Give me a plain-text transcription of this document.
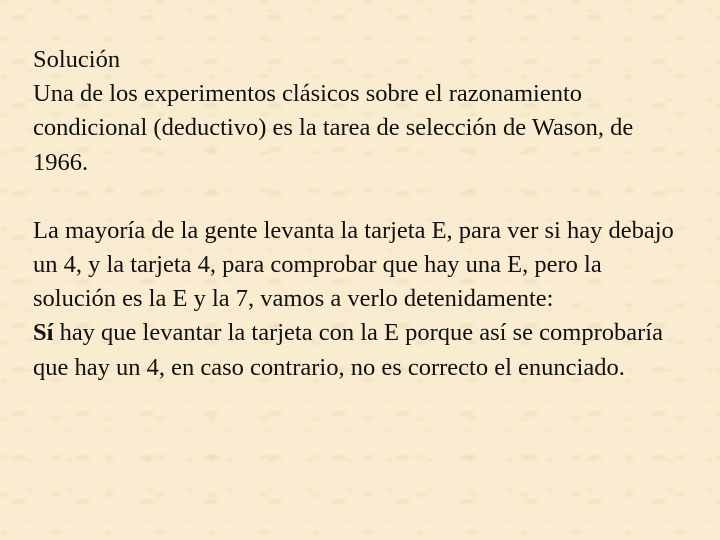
Solución

Una de los experimentos clásicos sobre el razonamiento condicional (deductivo) es la tarea de selección de Wason, de 1966.

La mayoría de la gente levanta la tarjeta E, para ver si hay debajo un 4, y la tarjeta 4, para comprobar que hay una E, pero la solución es la E y la 7, vamos a verlo detenidamente:

Sí hay que levantar la tarjeta con la E porque así se comprobaría que hay un 4, en caso contrario, no es correcto el enunciado.
